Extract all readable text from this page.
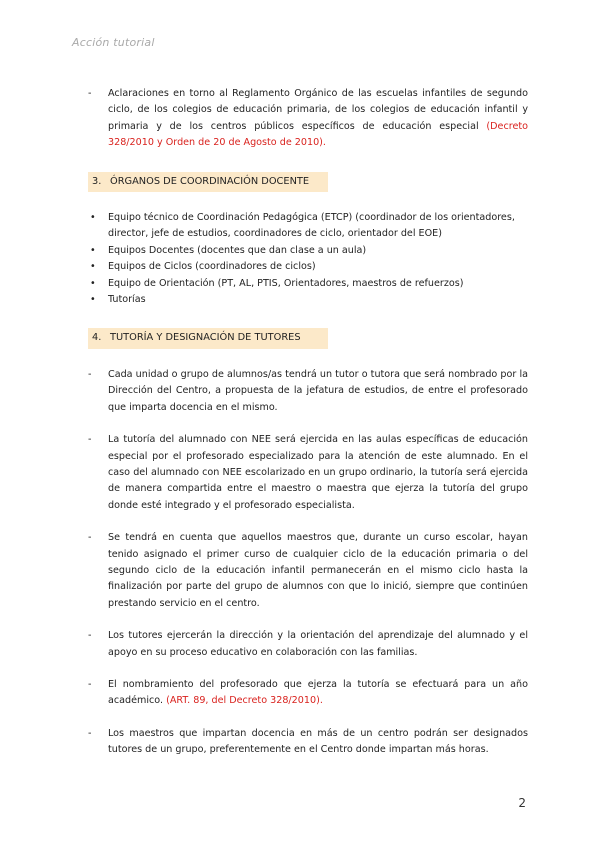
Acción tutorial
- Aclaraciones en torno al Reglamento Orgánico de las escuelas infantiles de segundo ciclo, de los colegios de educación primaria, de los colegios de educación infantil y primaria y de los centros públicos específicos de educación especial (Decreto 328/2010 y Orden de 20 de Agosto de 2010).
3. ÓRGANOS DE COORDINACIÓN DOCENTE
• Equipo técnico de Coordinación Pedagógica (ETCP) (coordinador de los orientadores, director, jefe de estudios, coordinadores de ciclo, orientador del EOE)
• Equipos Docentes (docentes que dan clase a un aula)
• Equipos de Ciclos (coordinadores de ciclos)
• Equipo de Orientación (PT, AL, PTIS, Orientadores, maestros de refuerzos)
• Tutorías
4. TUTORÍA Y DESIGNACIÓN DE TUTORES
- Cada unidad o grupo de alumnos/as tendrá un tutor o tutora que será nombrado por la Dirección del Centro, a propuesta de la jefatura de estudios, de entre el profesorado que imparta docencia en el mismo.
- La tutoría del alumnado con NEE será ejercida en las aulas específicas de educación especial por el profesorado especializado para la atención de este alumnado. En el caso del alumnado con NEE escolarizado en un grupo ordinario, la tutoría será ejercida de manera compartida entre el maestro o maestra que ejerza la tutoría del grupo donde esté integrado y el profesorado especialista.
- Se tendrá en cuenta que aquellos maestros que, durante un curso escolar, hayan tenido asignado el primer curso de cualquier ciclo de la educación primaria o del segundo ciclo de la educación infantil permanecerán en el mismo ciclo hasta la finalización por parte del grupo de alumnos con que lo inició, siempre que continúen prestando servicio en el centro.
- Los tutores ejercerán la dirección y la orientación del aprendizaje del alumnado y el apoyo en su proceso educativo en colaboración con las familias.
- El nombramiento del profesorado que ejerza la tutoría se efectuará para un año académico. (ART. 89, del Decreto 328/2010).
- Los maestros que impartan docencia en más de un centro podrán ser designados tutores de un grupo, preferentemente en el Centro donde impartan más horas.
2
